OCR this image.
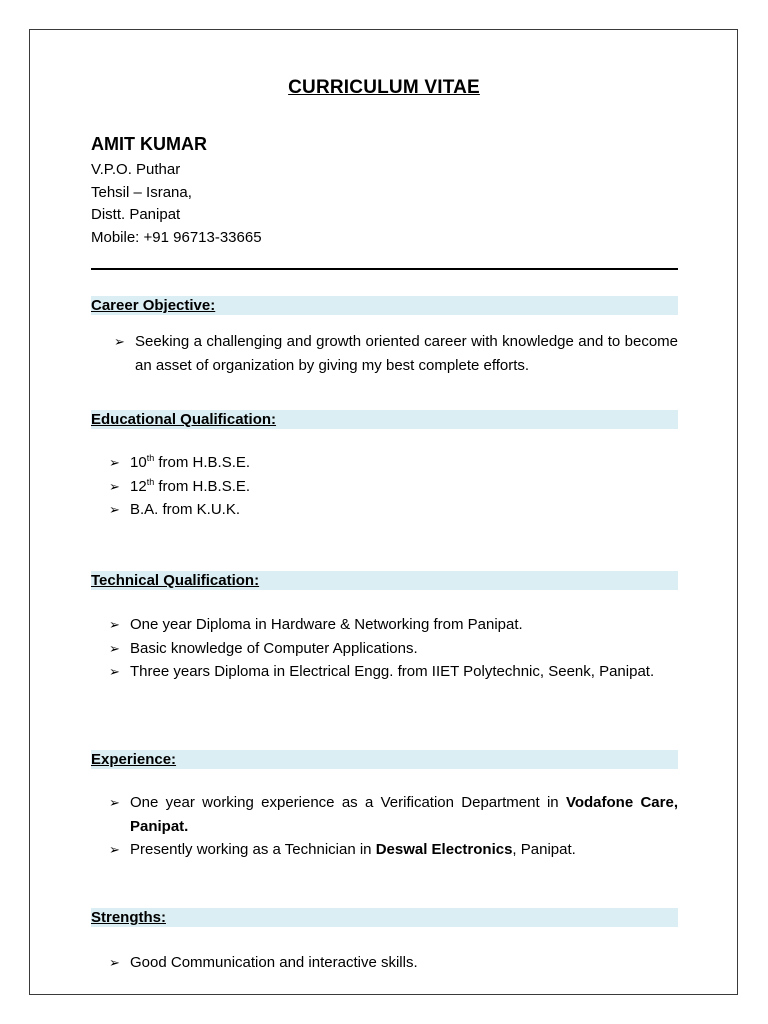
CURRICULUM VITAE
AMIT KUMAR
V.P.O. Puthar
Tehsil – Israna,
Distt. Panipat
Mobile: +91 96713-33665
Career Objective:
➢ Seeking a challenging and growth oriented career with knowledge and to become an asset of organization by giving my best complete efforts.
Educational Qualification:
➢ 10th from H.B.S.E.
➢ 12th from H.B.S.E.
➢ B.A. from K.U.K.
Technical Qualification:
➢ One year Diploma in Hardware & Networking from Panipat.
➢ Basic knowledge of Computer Applications.
➢ Three years Diploma in Electrical Engg. from IIET Polytechnic, Seenk, Panipat.
Experience:
➢ One year working experience as a Verification Department in Vodafone Care, Panipat.
➢ Presently working as a Technician in Deswal Electronics, Panipat.
Strengths:
➢ Good Communication and interactive skills.
